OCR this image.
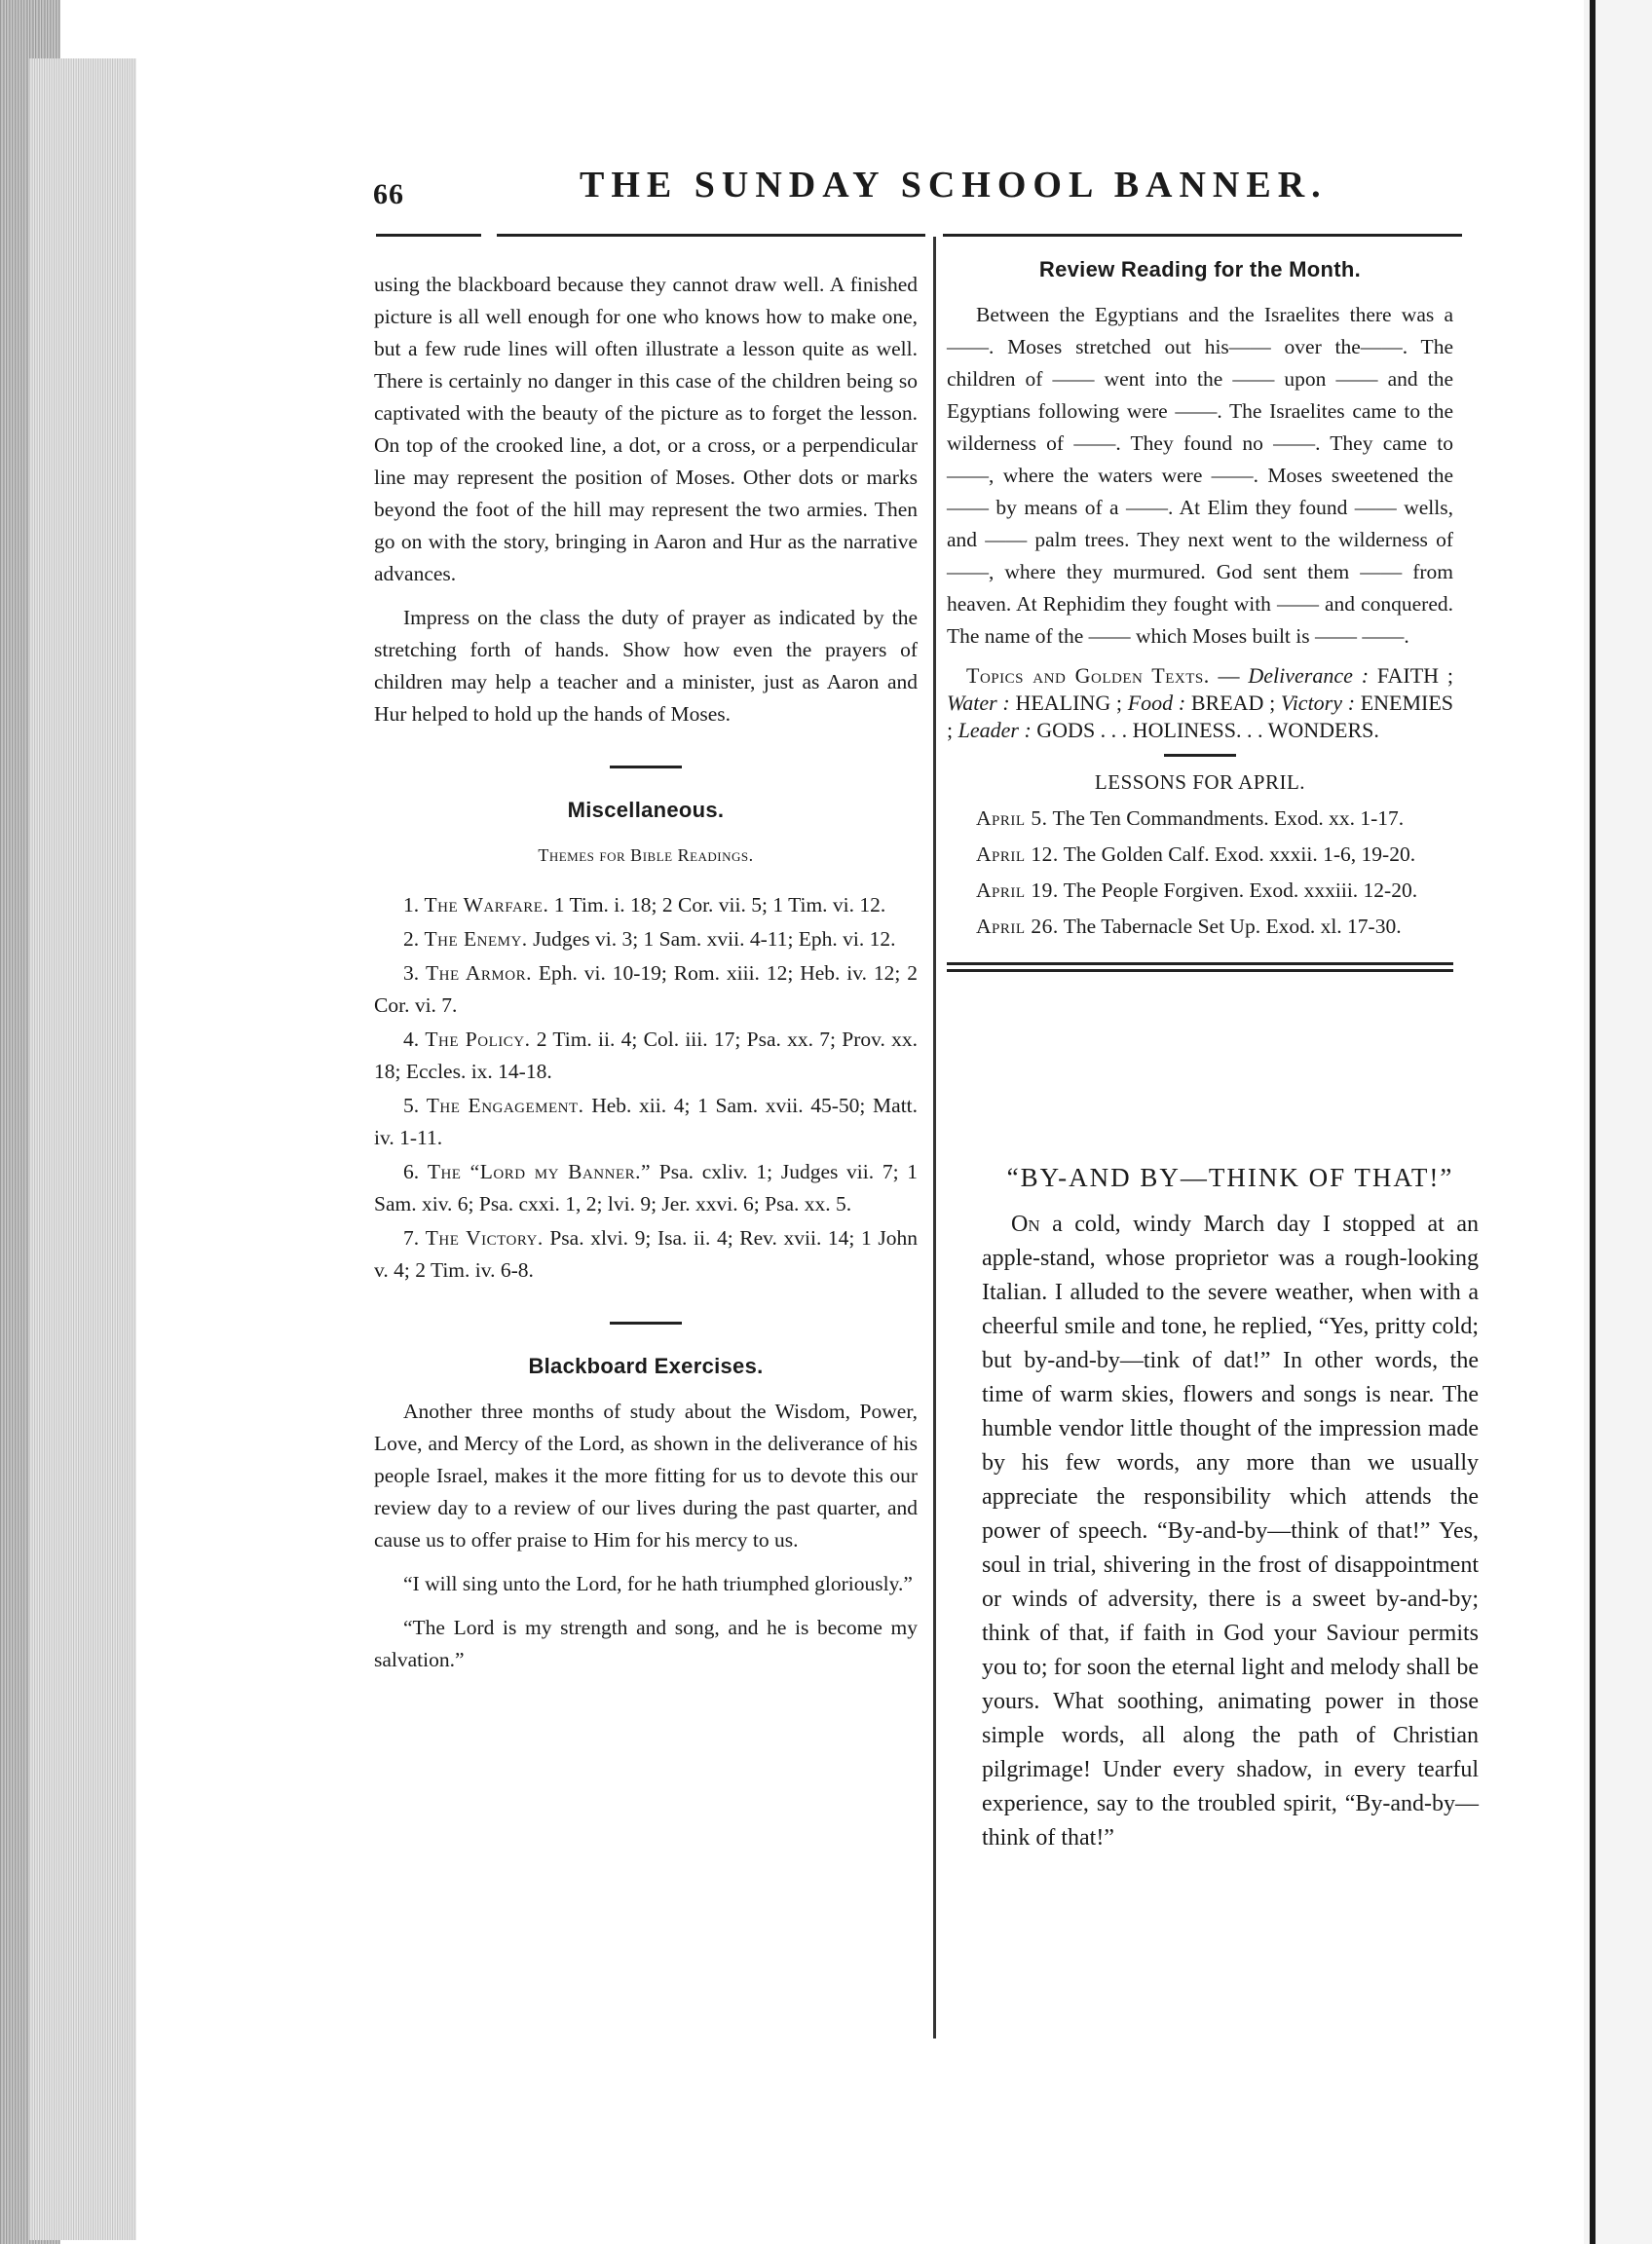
66	THE SUNDAY SCHOOL BANNER.

using the blackboard because they cannot draw well. A finished picture is all well enough for one who knows how to make one, but a few rude lines will often illustrate a lesson quite as well. There is certainly no danger in this case of the children being so captivated with the beauty of the picture as to forget the lesson. On top of the crooked line, a dot, or a cross, or a perpendicular line may represent the position of Moses. Other dots or marks beyond the foot of the hill may represent the two armies. Then go on with the story, bringing in Aaron and Hur as the narrative advances.

Impress on the class the duty of prayer as indicated by the stretching forth of hands. Show how even the prayers of children may help a teacher and a minister, just as Aaron and Hur helped to hold up the hands of Moses.

Miscellaneous.
Themes for Bible Readings.

1. The Warfare. 1 Tim. i. 18; 2 Cor. vii. 5; 1 Tim. vi. 12.

2. The Enemy. Judges vi. 3; 1 Sam. xvii. 4-11; Eph. vi. 12.

3. The Armor. Eph. vi. 10-19; Rom. xiii. 12; Heb. iv. 12; 2 Cor. vi. 7.

4. The Policy. 2 Tim. ii. 4; Col. iii. 17; Psa. xx. 7; Prov. xx. 18; Eccles. ix. 14-18.

5. The Engagement. Heb. xii. 4; 1 Sam. xvii. 45-50; Matt. iv. 1-11.

6. The “Lord my Banner.” Psa. cxliv. 1; Judges vii. 7; 1 Sam. xiv. 6; Psa. cxxi. 1, 2; lvi. 9; Jer. xxvi. 6; Psa. xx. 5.

7. The Victory. Psa. xlvi. 9; Isa. ii. 4; Rev. xvii. 14; 1 John v. 4; 2 Tim. iv. 6-8.

Blackboard Exercises.

Another three months of study about the Wisdom, Power, Love, and Mercy of the Lord, as shown in the deliverance of his people Israel, makes it the more fitting for us to devote this our review day to a review of our lives during the past quarter, and cause us to offer praise to Him for his mercy to us.

“I will sing unto the Lord, for he hath triumphed gloriously.”

“The Lord is my strength and song, and he is become my salvation.”

Review Reading for the Month.

Between the Egyptians and the Israelites there was a ——. Moses stretched out his—— over the——. The children of —— went into the —— upon —— and the Egyptians following were ——. The Israelites came to the wilderness of ——. They found no ——. They came to ——, where the waters were ——. Moses sweetened the —— by means of a ——. At Elim they found —— wells, and —— palm trees. They next went to the wilderness of ——, where they murmured. God sent them —— from heaven. At Rephidim they fought with —— and conquered. The name of the —— which Moses built is —— ——.

Topics and Golden Texts. — Deliverance : FAITH ; Water : HEALING ; Food : BREAD ; Victory : ENEMIES ; Leader : GODS . . . HOLINESS. . . WONDERS.

LESSONS FOR APRIL.

April 5. The Ten Commandments. Exod. xx. 1-17.

April 12. The Golden Calf. Exod. xxxii. 1-6, 19-20.

April 19. The People Forgiven. Exod. xxxiii. 12-20.

April 26. The Tabernacle Set Up. Exod. xl. 17-30.

“BY-AND BY—THINK OF THAT!”

On a cold, windy March day I stopped at an apple-stand, whose proprietor was a rough-looking Italian. I alluded to the severe weather, when with a cheerful smile and tone, he replied, “Yes, pritty cold; but by-and-by—tink of dat!” In other words, the time of warm skies, flowers and songs is near. The humble vendor little thought of the impression made by his few words, any more than we usually appreciate the responsibility which attends the power of speech. “By-and-by—think of that!” Yes, soul in trial, shivering in the frost of disappointment or winds of adversity, there is a sweet by-and-by; think of that, if faith in God your Saviour permits you to; for soon the eternal light and melody shall be yours. What soothing, animating power in those simple words, all along the path of Christian pilgrimage! Under every shadow, in every tearful experience, say to the troubled spirit, “By-and-by—think of that!”
